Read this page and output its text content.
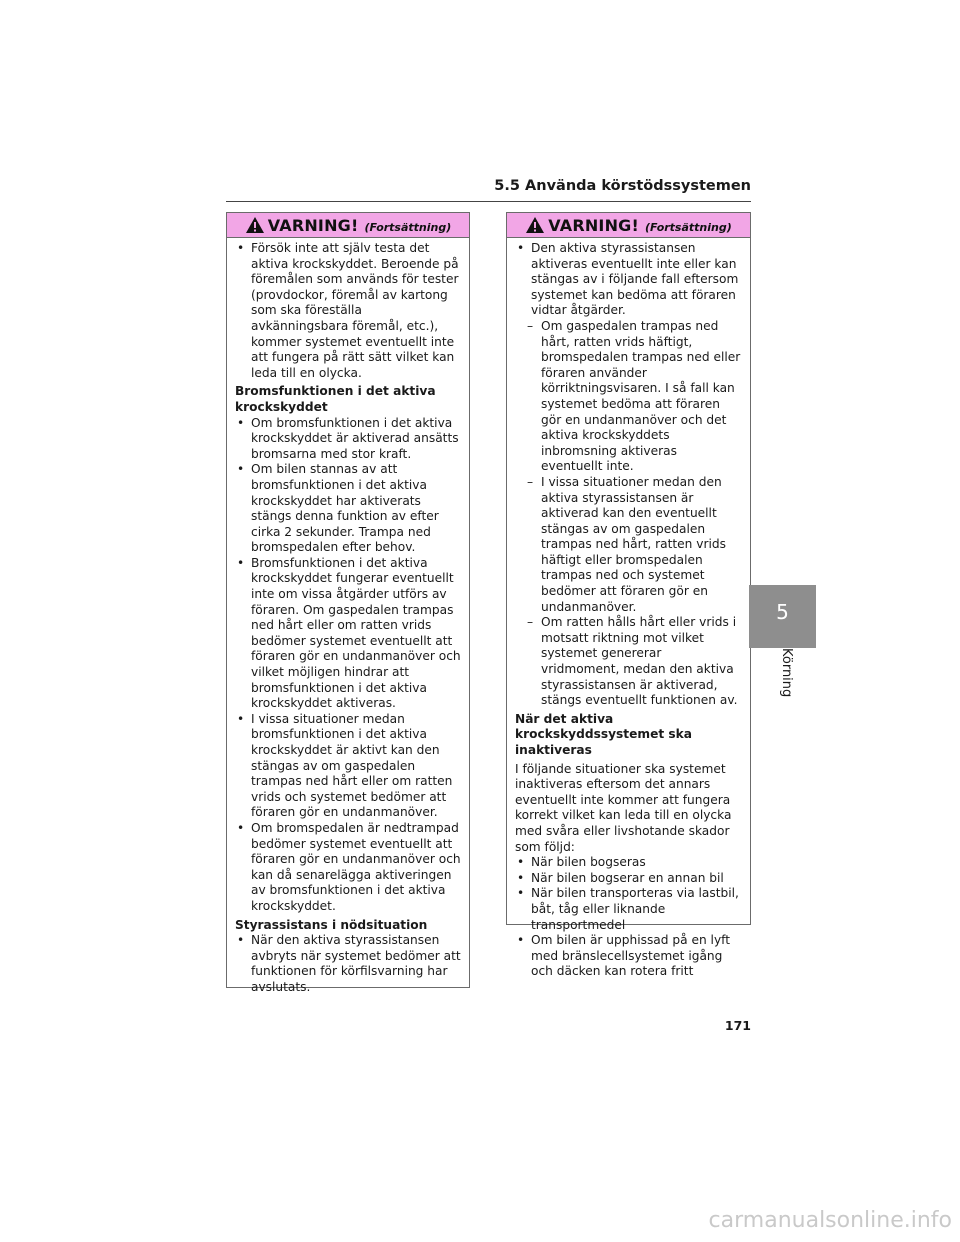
5.5 Använda körstödssystemen
VARNING! (Fortsättning)
• Försök inte att själv testa det aktiva krockskyddet. Beroende på föremålen som används för tester (provdockor, föremål av kartong som ska föreställa avkänningsbara föremål, etc.), kommer systemet eventuellt inte att fungera på rätt sätt vilket kan leda till en olycka.
Bromsfunktionen i det aktiva krockskyddet
• Om bromsfunktionen i det aktiva krockskyddet är aktiverad ansätts bromsarna med stor kraft.
• Om bilen stannas av att bromsfunktionen i det aktiva krockskyddet har aktiverats stängs denna funktion av efter cirka 2 sekunder. Trampa ned bromspedalen efter behov.
• Bromsfunktionen i det aktiva krockskyddet fungerar eventuellt inte om vissa åtgärder utförs av föraren. Om gaspedalen trampas ned hårt eller om ratten vrids bedömer systemet eventuellt att föraren gör en undanmanöver och vilket möjligen hindrar att bromsfunktionen i det aktiva krockskyddet aktiveras.
• I vissa situationer medan bromsfunktionen i det aktiva krockskyddet är aktivt kan den stängas av om gaspedalen trampas ned hårt eller om ratten vrids och systemet bedömer att föraren gör en undanmanöver.
• Om bromspedalen är nedtrampad bedömer systemet eventuellt att föraren gör en undanmanöver och kan då senarelägga aktiveringen av bromsfunktionen i det aktiva krockskyddet.
Styrassistans i nödsituation
• När den aktiva styrassistansen avbryts när systemet bedömer att funktionen för körfilsvarning har avslutats.
VARNING! (Fortsättning)
• Den aktiva styrassistansen aktiveras eventuellt inte eller kan stängas av i följande fall eftersom systemet kan bedöma att föraren vidtar åtgärder.
– Om gaspedalen trampas ned hårt, ratten vrids häftigt, bromspedalen trampas ned eller föraren använder körriktningsvisaren. I så fall kan systemet bedöma att föraren gör en undanmanöver och det aktiva krockskyddets inbromsning aktiveras eventuellt inte.
– I vissa situationer medan den aktiva styrassistansen är aktiverad kan den eventuellt stängas av om gaspedalen trampas ned hårt, ratten vrids häftigt eller bromspedalen trampas ned och systemet bedömer att föraren gör en undanmanöver.
– Om ratten hålls hårt eller vrids i motsatt riktning mot vilket systemet genererar vridmoment, medan den aktiva styrassistansen är aktiverad, stängs eventuellt funktionen av.
När det aktiva krockskyddssystemet ska inaktiveras
I följande situationer ska systemet inaktiveras eftersom det annars eventuellt inte kommer att fungera korrekt vilket kan leda till en olycka med svåra eller livshotande skador som följd:
• När bilen bogseras
• När bilen bogserar en annan bil
• När bilen transporteras via lastbil, båt, tåg eller liknande transportmedel
• Om bilen är upphissad på en lyft med bränslecellsystemet igång och däcken kan rotera fritt
5
Körning
171
carmanualsonline.info
